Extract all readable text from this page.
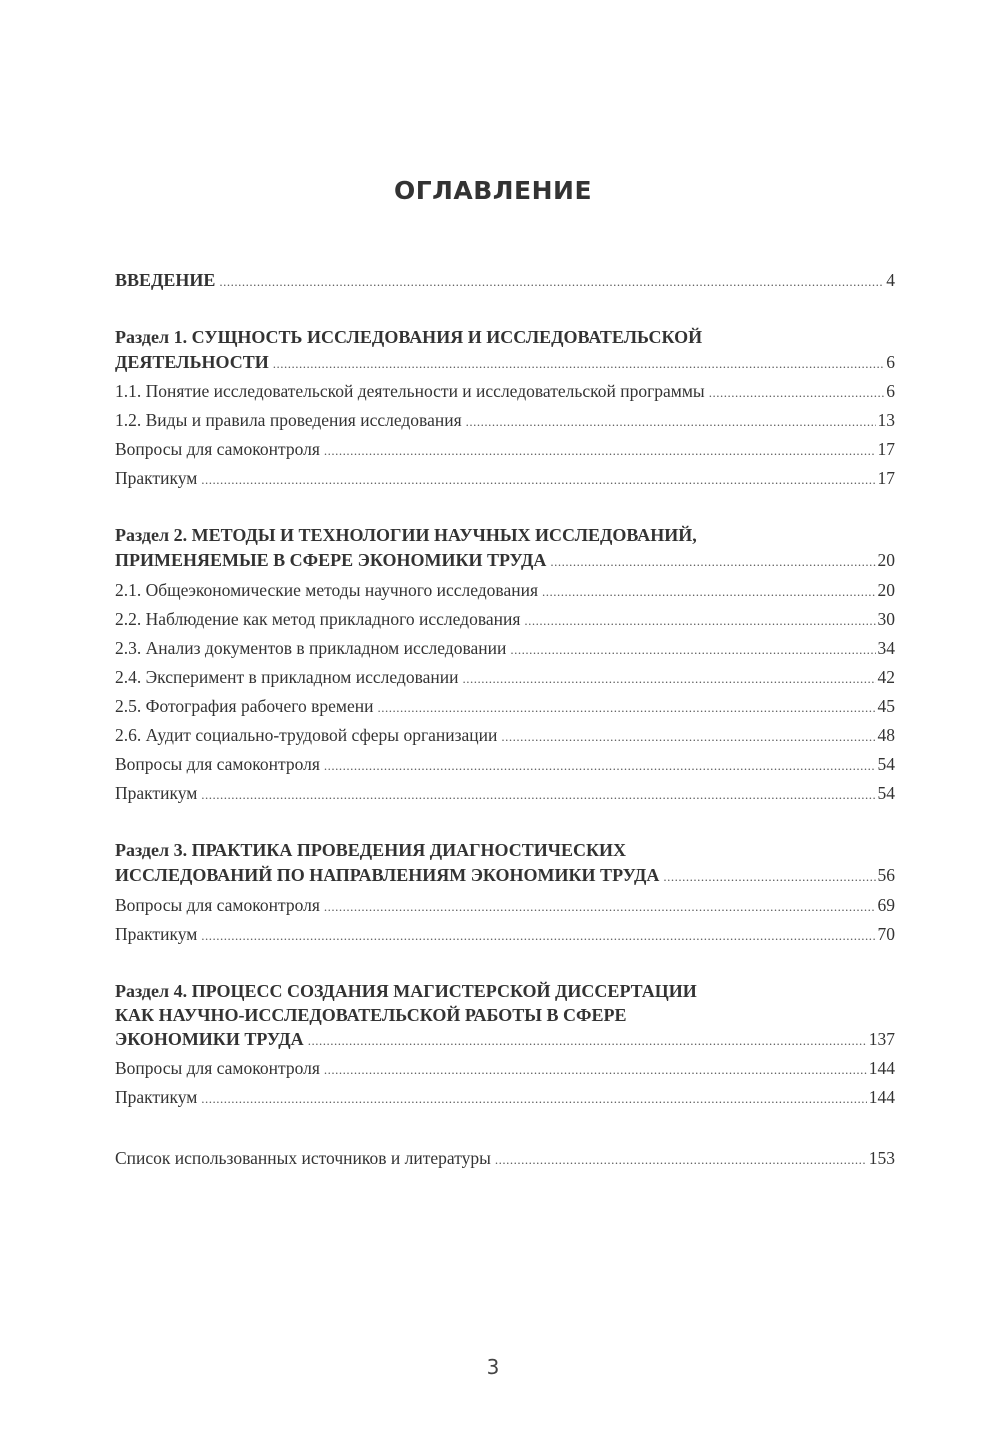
ОГЛАВЛЕНИЕ
ВВЕДЕНИЕ .....	4
Раздел 1. СУЩНОСТЬ ИССЛЕДОВАНИЯ И ИССЛЕДОВАТЕЛЬСКОЙ
ДЕЯТЕЛЬНОСТИ .....	6
1.1. Понятие исследовательской деятельности и исследовательской программы .....	6
1.2. Виды и правила проведения исследования .....	13
Вопросы для самоконтроля .....	17
Практикум .....	17
Раздел 2. МЕТОДЫ И ТЕХНОЛОГИИ НАУЧНЫХ ИССЛЕДОВАНИЙ,
ПРИМЕНЯЕМЫЕ В СФЕРЕ ЭКОНОМИКИ ТРУДА .....	20
2.1. Общеэкономические методы научного исследования .....	20
2.2. Наблюдение как метод прикладного исследования .....	30
2.3. Анализ документов в прикладном исследовании .....	34
2.4. Эксперимент в прикладном исследовании .....	42
2.5. Фотография рабочего времени .....	45
2.6. Аудит социально-трудовой сферы организации .....	48
Вопросы для самоконтроля .....	54
Практикум .....	54
Раздел 3. ПРАКТИКА ПРОВЕДЕНИЯ ДИАГНОСТИЧЕСКИХ
ИССЛЕДОВАНИЙ ПО НАПРАВЛЕНИЯМ ЭКОНОМИКИ ТРУДА .....	56
Вопросы для самоконтроля .....	69
Практикум .....	70
Раздел 4. ПРОЦЕСС СОЗДАНИЯ МАГИСТЕРСКОЙ ДИССЕРТАЦИИ
КАК НАУЧНО-ИССЛЕДОВАТЕЛЬСКОЙ РАБОТЫ В СФЕРЕ
ЭКОНОМИКИ ТРУДА .....	137
Вопросы для самоконтроля .....	144
Практикум .....	144
Список использованных источников и литературы .....	153
3
